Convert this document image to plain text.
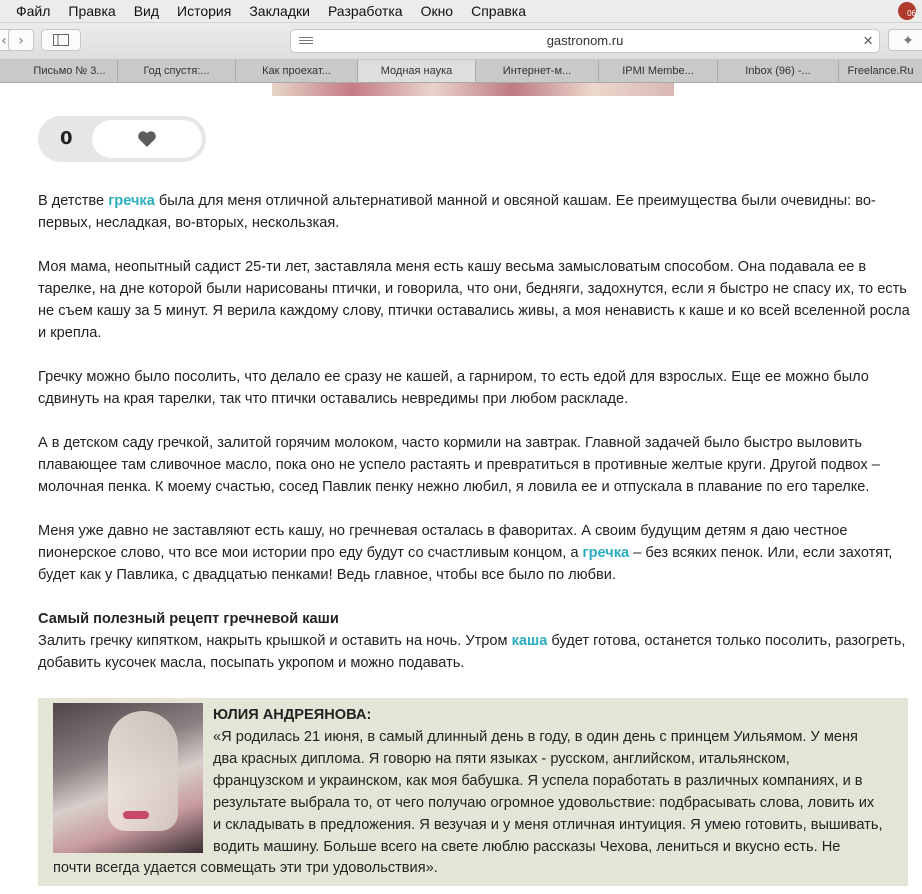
Файл	Правка	Вид	История	Закладки	Разработка	Окно	Справка	06
‹ ›	gastronom.ru	×	✦
Письмо № 3...	Год спустя:...	Как проехат...	Модная наука	Интернет-м...	IPMI Membe...	Inbox (96) -...	Freelance.Ru
0

В детстве гречка была для меня отличной альтернативой манной и овсяной кашам. Ее преимущества были очевидны: во-первых, несладкая, во-вторых, нескользкая.

Моя мама, неопытный садист 25-ти лет, заставляла меня есть кашу весьма замысловатым способом. Она подавала ее в тарелке, на дне которой были нарисованы птички, и говорила, что они, бедняги, задохнутся, если я быстро не спасу их, то есть не съем кашу за 5 минут. Я верила каждому слову, птички оставались живы, а моя ненависть к каше и ко всей вселенной росла и крепла.

Гречку можно было посолить, что делало ее сразу не кашей, а гарниром, то есть едой для взрослых. Еще ее можно было сдвинуть на края тарелки, так что птички оставались невредимы при любом раскладе.

А в детском саду гречкой, залитой горячим молоком, часто кормили на завтрак. Главной задачей было быстро выловить плавающее там сливочное масло, пока оно не успело растаять и превратиться в противные желтые круги. Другой подвох – молочная пенка. К моему счастью, сосед Павлик пенку нежно любил, я ловила ее и отпускала в плавание по его тарелке.

Меня уже давно не заставляют есть кашу, но гречневая осталась в фаворитах. А своим будущим детям я даю честное пионерское слово, что все мои истории про еду будут со счастливым концом, а гречка – без всяких пенок. Или, если захотят, будет как у Павлика, с двадцатью пенками! Ведь главное, чтобы все было по любви.

Самый полезный рецепт гречневой каши
Залить гречку кипятком, накрыть крышкой и оставить на ночь. Утром каша будет готова, останется только посолить, разогреть, добавить кусочек масла, посыпать укропом и можно подавать.

ЮЛИЯ АНДРЕЯНОВА:
«Я родилась 21 июня, в самый длинный день в году, в один день с принцем Уильямом. У меня
два красных диплома. Я говорю на пяти языках - русском, английском, итальянском,
французском и украинском, как моя бабушка. Я успела поработать в различных компаниях, и в
результате выбрала то, от чего получаю огромное удовольствие: подбрасывать слова, ловить их
и складывать в предложения. Я везучая и у меня отличная интуиция. Я умею готовить, вышивать,
водить машину. Больше всего на свете люблю рассказы Чехова, лениться и вкусно есть. Не
почти всегда удается совмещать эти три удовольствия».
